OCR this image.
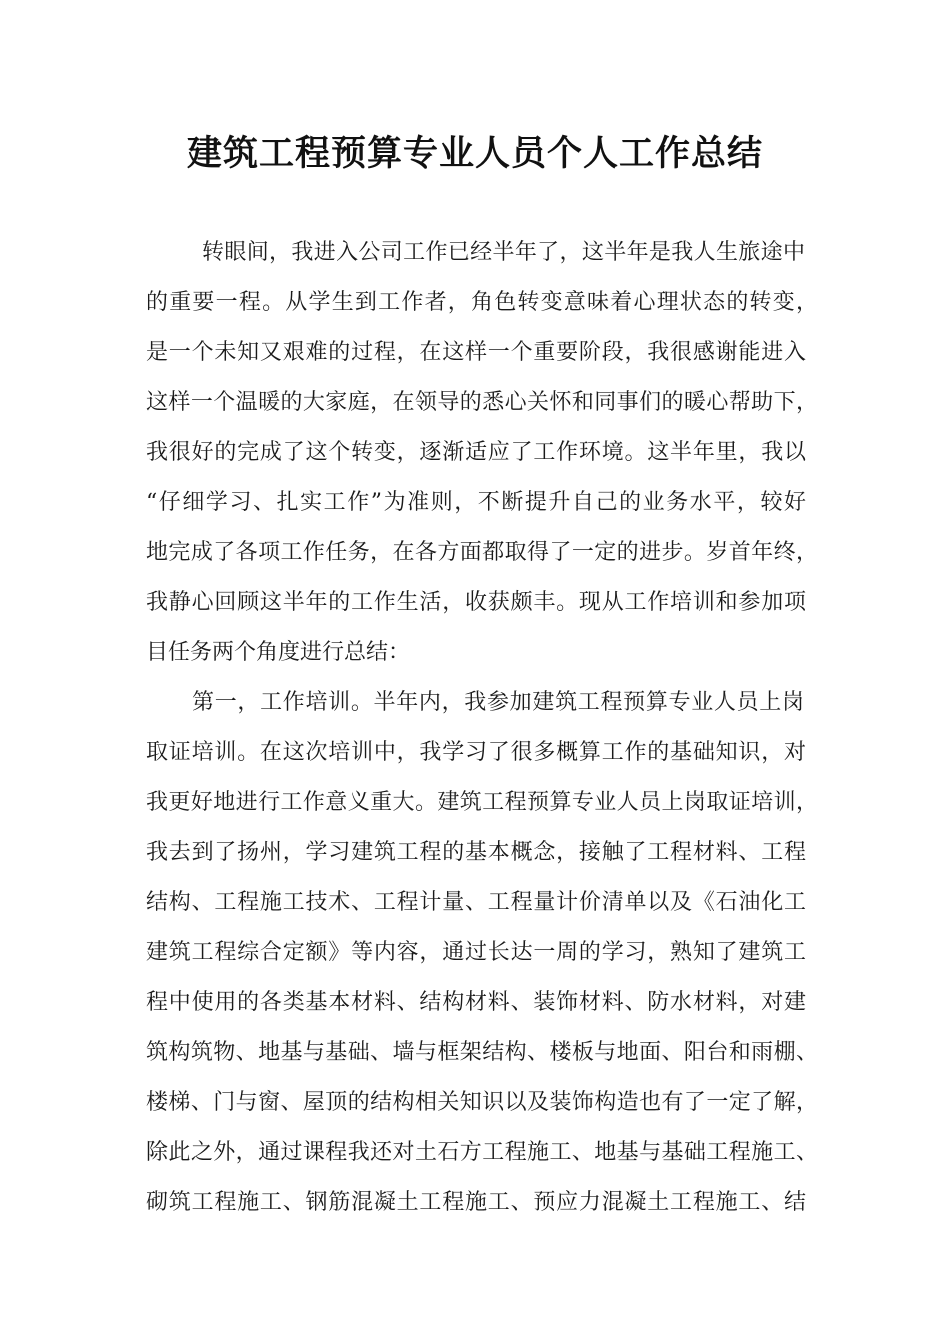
建筑工程预算专业人员个人工作总结
转眼间，我进入公司工作已经半年了，这半年是我人生旅途中
的重要一程。从学生到工作者，角色转变意味着心理状态的转变，
是一个未知又艰难的过程，在这样一个重要阶段，我很感谢能进入
这样一个温暖的大家庭，在领导的悉心关怀和同事们的暖心帮助下，
我很好的完成了这个转变，逐渐适应了工作环境。这半年里，我以
“仔细学习、扎实工作”为准则，不断提升自己的业务水平，较好
地完成了各项工作任务，在各方面都取得了一定的进步。岁首年终，
我静心回顾这半年的工作生活，收获颇丰。现从工作培训和参加项
目任务两个角度进行总结：
第一，工作培训。半年内，我参加建筑工程预算专业人员上岗
取证培训。在这次培训中，我学习了很多概算工作的基础知识，对
我更好地进行工作意义重大。建筑工程预算专业人员上岗取证培训，
我去到了扬州，学习建筑工程的基本概念，接触了工程材料、工程
结构、工程施工技术、工程计量、工程量计价清单以及《石油化工
建筑工程综合定额》等内容，通过长达一周的学习，熟知了建筑工
程中使用的各类基本材料、结构材料、装饰材料、防水材料，对建
筑构筑物、地基与基础、墙与框架结构、楼板与地面、阳台和雨棚、
楼梯、门与窗、屋顶的结构相关知识以及装饰构造也有了一定了解，
除此之外，通过课程我还对土石方工程施工、地基与基础工程施工、
砌筑工程施工、钢筋混凝土工程施工、预应力混凝土工程施工、结
